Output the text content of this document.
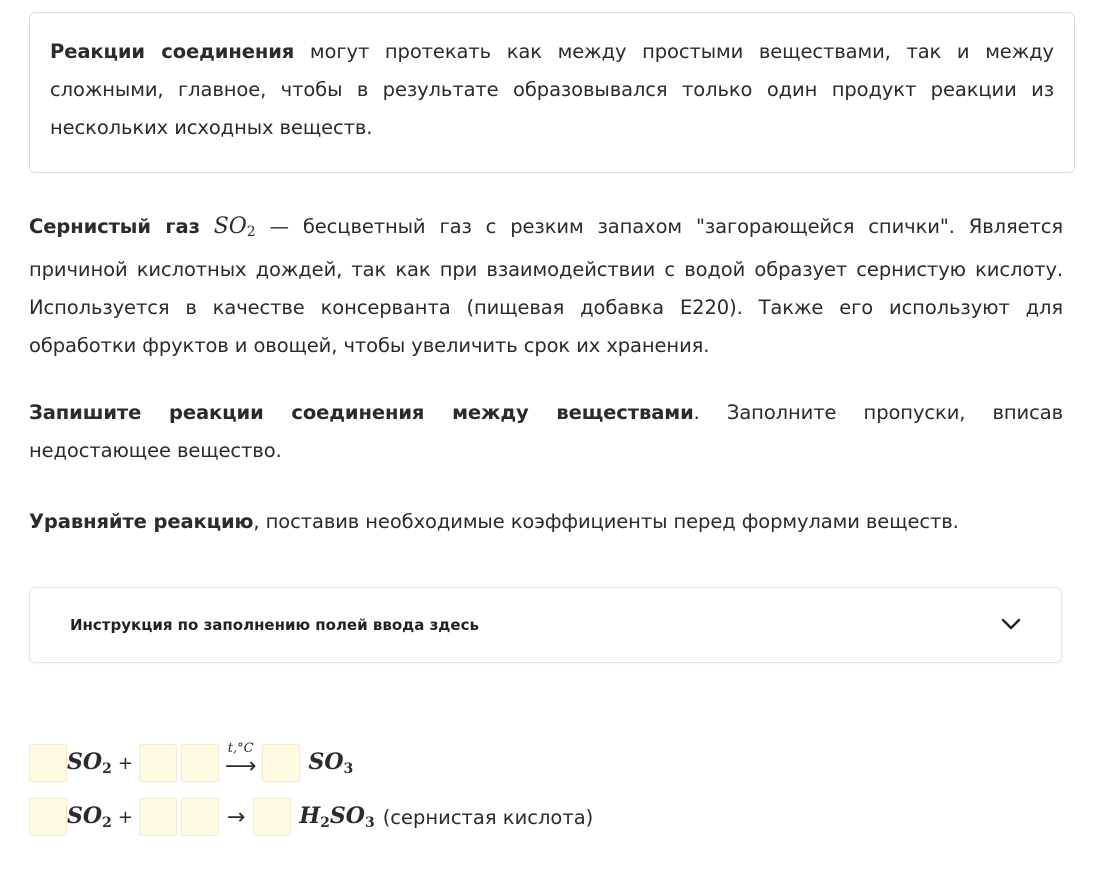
Реакции соединения могут протекать как между простыми веществами, так и между сложными, главное, чтобы в результате образовывался только один продукт реакции из нескольких исходных веществ.

Сернистый газ $SO_2$ — бесцветный газ с резким запахом "загорающейся спички". Является причиной кислотных дождей, так как при взаимодействии с водой образует сернистую кислоту. Используется в качестве консерванта (пищевая добавка Е220). Также его используют для обработки фруктов и овощей, чтобы увеличить срок их хранения.

Запишите реакции соединения между веществами. Заполните пропуски, вписав недостающее вещество.

Уравняйте реакцию, поставив необходимые коэффициенты перед формулами веществ.

Инструкция по заполнению полей ввода здесь
$SO_2$ +
t,°C
⟶ $SO_3$
$SO_2$ +	→ $H_2SO_3$ (сернистая кислота)
